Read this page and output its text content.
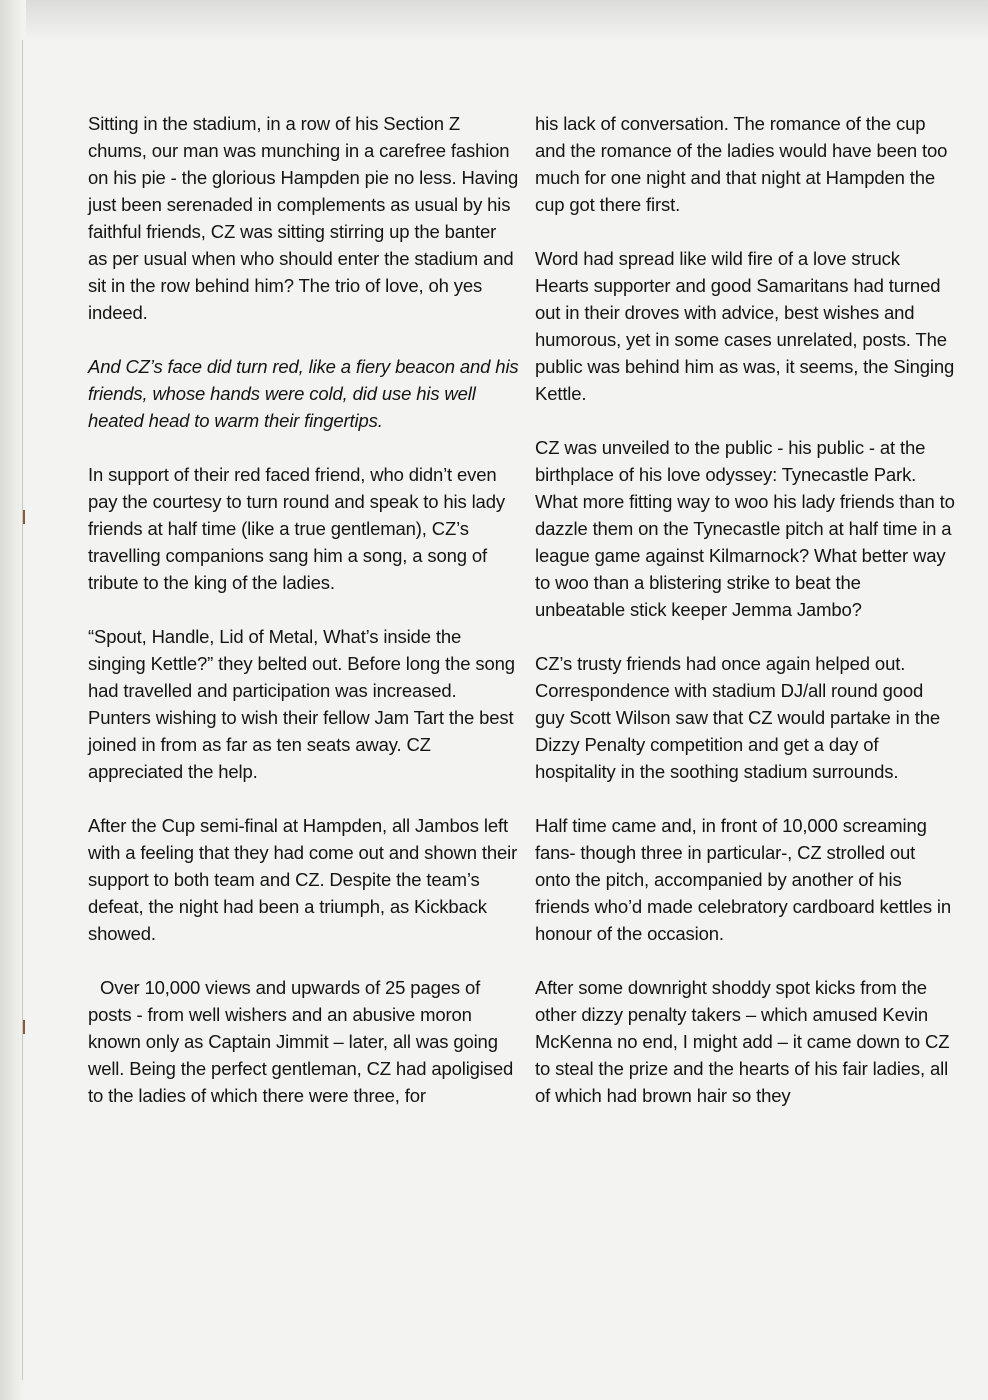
Sitting in the stadium, in a row of his Section Z chums, our man was munching in a carefree fashion on his pie - the glorious Hampden pie no less. Having just been serenaded in complements as usual by his faithful friends, CZ was sitting stirring up the banter as per usual when who should enter the stadium and sit in the row behind him? The trio of love, oh yes indeed.

And CZ’s face did turn red, like a fiery beacon and his friends, whose hands were cold, did use his well heated head to warm their fingertips.

In support of their red faced friend, who didn’t even pay the courtesy to turn round and speak to his lady friends at half time (like a true gentleman), CZ’s travelling companions sang him a song, a song of tribute to the king of the ladies.

“Spout, Handle, Lid of Metal, What’s inside the singing Kettle?” they belted out. Before long the song had travelled and participation was increased. Punters wishing to wish their fellow Jam Tart the best joined in from as far as ten seats away. CZ appreciated the help.

After the Cup semi-final at Hampden, all Jambos left with a feeling that they had come out and shown their support to both team and CZ. Despite the team’s defeat, the night had been a triumph, as Kickback showed.

Over 10,000 views and upwards of 25 pages of posts - from well wishers and an abusive moron known only as Captain Jimmit – later, all was going well. Being the perfect gentleman, CZ had apoligised to the ladies of which there were three, for

his lack of conversation. The romance of the cup and the romance of the ladies would have been too much for one night and that night at Hampden the cup got there first.

Word had spread like wild fire of a love struck Hearts supporter and good Samaritans had turned out in their droves with advice, best wishes and humorous, yet in some cases unrelated, posts. The public was behind him as was, it seems, the Singing Kettle.

CZ was unveiled to the public - his public - at the birthplace of his love odyssey: Tynecastle Park. What more fitting way to woo his lady friends than to dazzle them on the Tynecastle pitch at half time in a league game against Kilmarnock? What better way to woo than a blistering strike to beat the unbeatable stick keeper Jemma Jambo?

CZ’s trusty friends had once again helped out. Correspondence with stadium DJ/all round good guy Scott Wilson saw that CZ would partake in the Dizzy Penalty competition and get a day of hospitality in the soothing stadium surrounds.

Half time came and, in front of 10,000 screaming fans- though three in particular-, CZ strolled out onto the pitch, accompanied by another of his friends who’d made celebratory cardboard kettles in honour of the occasion.

After some downright shoddy spot kicks from the other dizzy penalty takers – which amused Kevin McKenna no end, I might add – it came down to CZ to steal the prize and the hearts of his fair ladies, all of which had brown hair so they
